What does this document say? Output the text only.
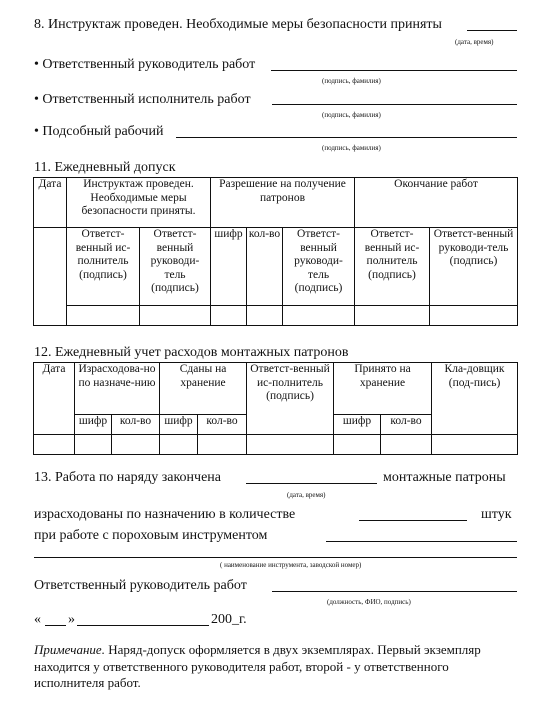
8. Инструктаж проведен. Необходимые меры безопасности приняты
(дата, время)
• Ответственный руководитель работ
(подпись, фамилия)
• Ответственный исполнитель работ
(подпись, фамилия)
• Подсобный рабочий
(подпись, фамилия)
11. Ежедневный допуск
Дата	Инструктаж проведен. Необходимые меры безопасности приняты.		Разрешение на получение патронов			Окончание работ	
	Ответст-венный ис-полнитель (подпись)	Ответст-венный руководи-тель (подпись)	шифр	кол-во	Ответст-венный руководи-тель (подпись)	Ответст-венный ис-полнитель (подпись)	Ответст-венный руководи-тель (подпись)

12. Ежедневный учет расходов монтажных патронов
Дата	Израсходова-но по назначе-нию		Сданы на хранение		Ответст-венный ис-полнитель (подпись)	Принято на хранение		Кла-довщик (под-пись)
	шифр	кол-во	шифр	кол-во		шифр	кол-во	

13. Работа по наряду закончена	монтажные патроны
(дата, время)
израсходованы по назначению в количестве	штук
при работе с пороховым инструментом
( наименование инструмента, заводской номер)
Ответственный руководитель работ
(должность, ФИО, подпись)
« »	200_г.
Примечание. Наряд-допуск оформляется в двух экземплярах. Первый экземпляр находится у ответственного руководителя работ, второй - у ответственного исполнителя работ.
